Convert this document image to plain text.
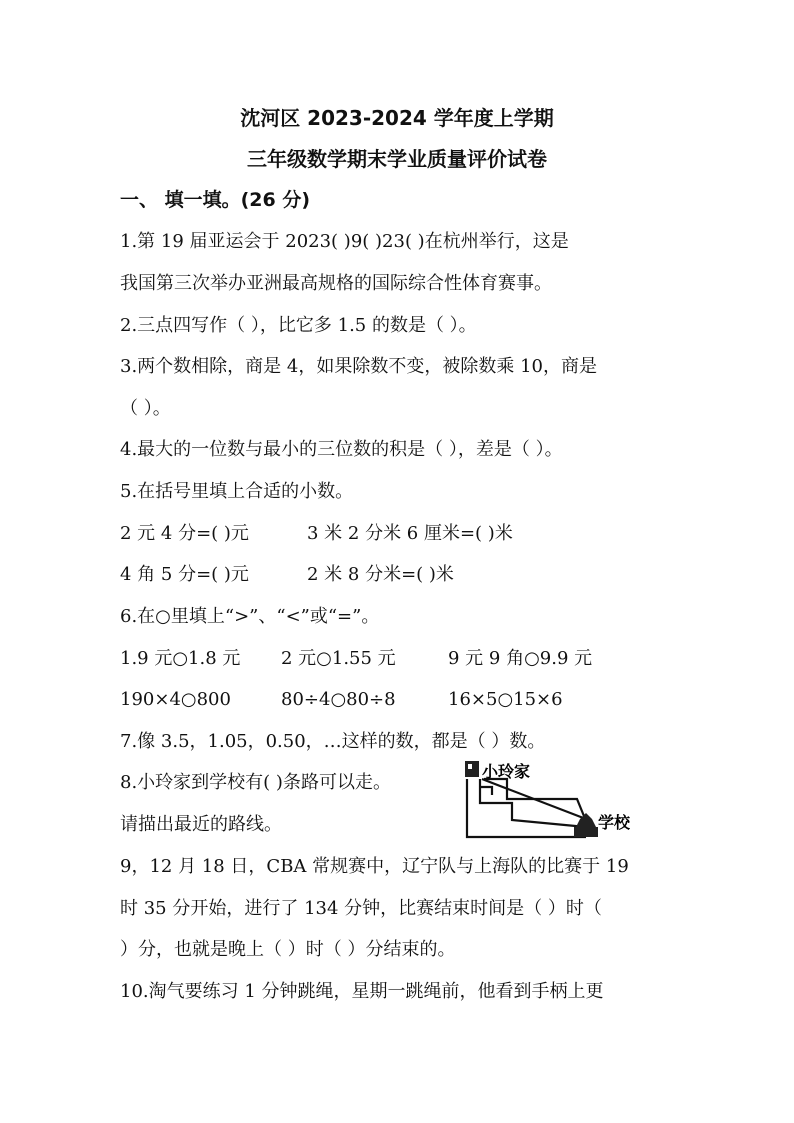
沈河区 2023-2024 学年度上学期
三年级数学期末学业质量评价试卷
一、 填一填。(26 分)
1.第 19 届亚运会于 2023( )9( )23( )在杭州举行，这是
我国第三次举办亚洲最高规格的国际综合性体育赛事。
2.三点四写作（ ），比它多 1.5 的数是（ ）。
3.两个数相除，商是 4，如果除数不变，被除数乘 10，商是
（ ）。
4.最大的一位数与最小的三位数的积是（ ），差是（ ）。
5.在括号里填上合适的小数。
2 元 4 分=( )元	3 米 2 分米 6 厘米=( )米
4 角 5 分=( )元	2 米 8 分米=( )米
6.在○里填上“>”、“<”或“=”。
1.9 元○1.8 元 2 元○1.55 元	9 元 9 角○9.9 元
190×4○800	80÷4○80÷8	16×5○15×6
7.像 3.5，1.05，0.50，…这样的数，都是（ ）数。
8.小玲家到学校有( )条路可以走。
请描出最近的路线。
小玲家
学校
9，12 月 18 日，CBA 常规赛中，辽宁队与上海队的比赛于 19
时 35 分开始，进行了 134 分钟，比赛结束时间是（ ）时（
）分，也就是晚上（ ）时（ ）分结束的。
10.淘气要练习 1 分钟跳绳，星期一跳绳前，他看到手柄上更
